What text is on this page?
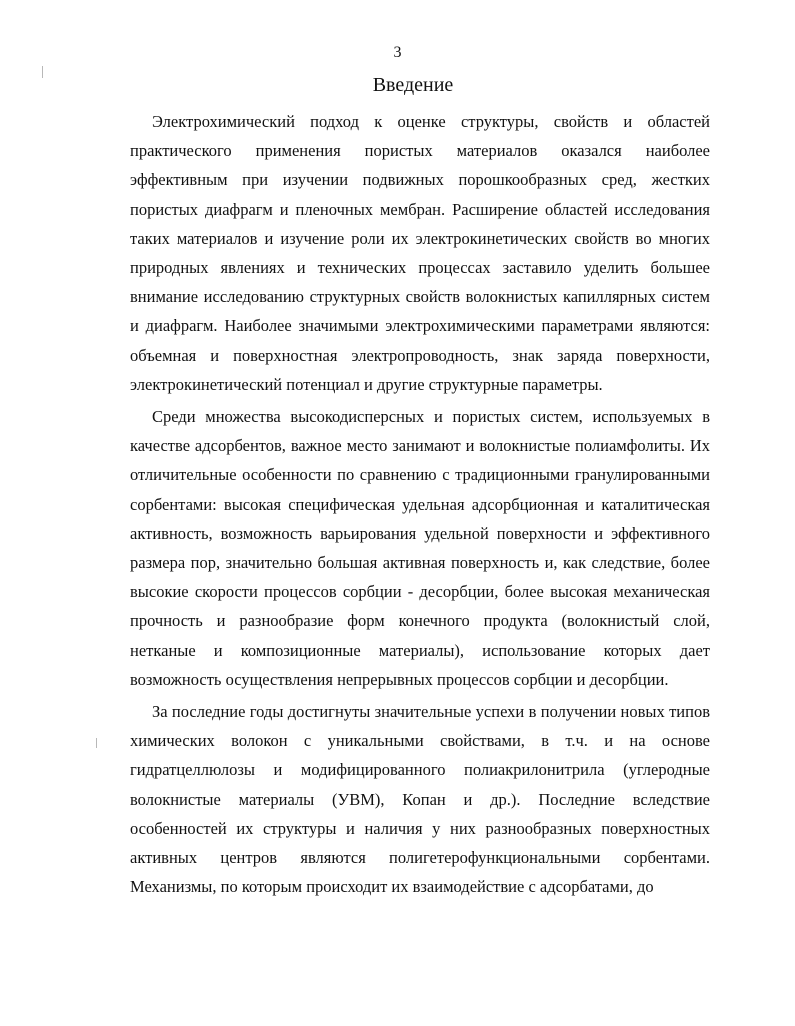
3
Введение

Электрохимический подход к оценке структуры, свойств и областей практического применения пористых материалов оказался наиболее эффективным при изучении подвижных порошкообразных сред, жестких пористых диафрагм и пленочных мембран. Расширение областей исследования таких материалов и изучение роли их электрокинетических свойств во многих природных явлениях и технических процессах заставило уделить большее внимание исследованию структурных свойств волокнистых капиллярных систем и диафрагм. Наиболее значимыми электрохимическими параметрами являются: объемная и поверхностная электропроводность, знак заряда поверхности, электрокинетический потенциал и другие структурные параметры.

Среди множества высокодисперсных и пористых систем, используемых в качестве адсорбентов, важное место занимают и волокнистые полиамфолиты. Их отличительные особенности по сравнению с традиционными гранулированными сорбентами: высокая специфическая удельная адсорбционная и каталитическая активность, возможность варьирования удельной поверхности и эффективного размера пор, значительно большая активная поверхность и, как следствие, более высокие скорости процессов сорбции - десорбции, более высокая механическая прочность и разнообразие форм конечного продукта (волокнистый слой, нетканые и композиционные материалы), использование которых дает возможность осуществления непрерывных процессов сорбции и десорбции.

За последние годы достигнуты значительные успехи в получении новых типов химических волокон с уникальными свойствами, в т.ч. и на основе гидратцеллюлозы и модифицированного полиакрилонитрила (углеродные волокнистые материалы (УВМ), Копан и др.). Последние вследствие особенностей их структуры и наличия у них разнообразных поверхностных активных центров являются полигетерофункциональными сорбентами. Механизмы, по которым происходит их взаимодействие с адсорбатами, до
